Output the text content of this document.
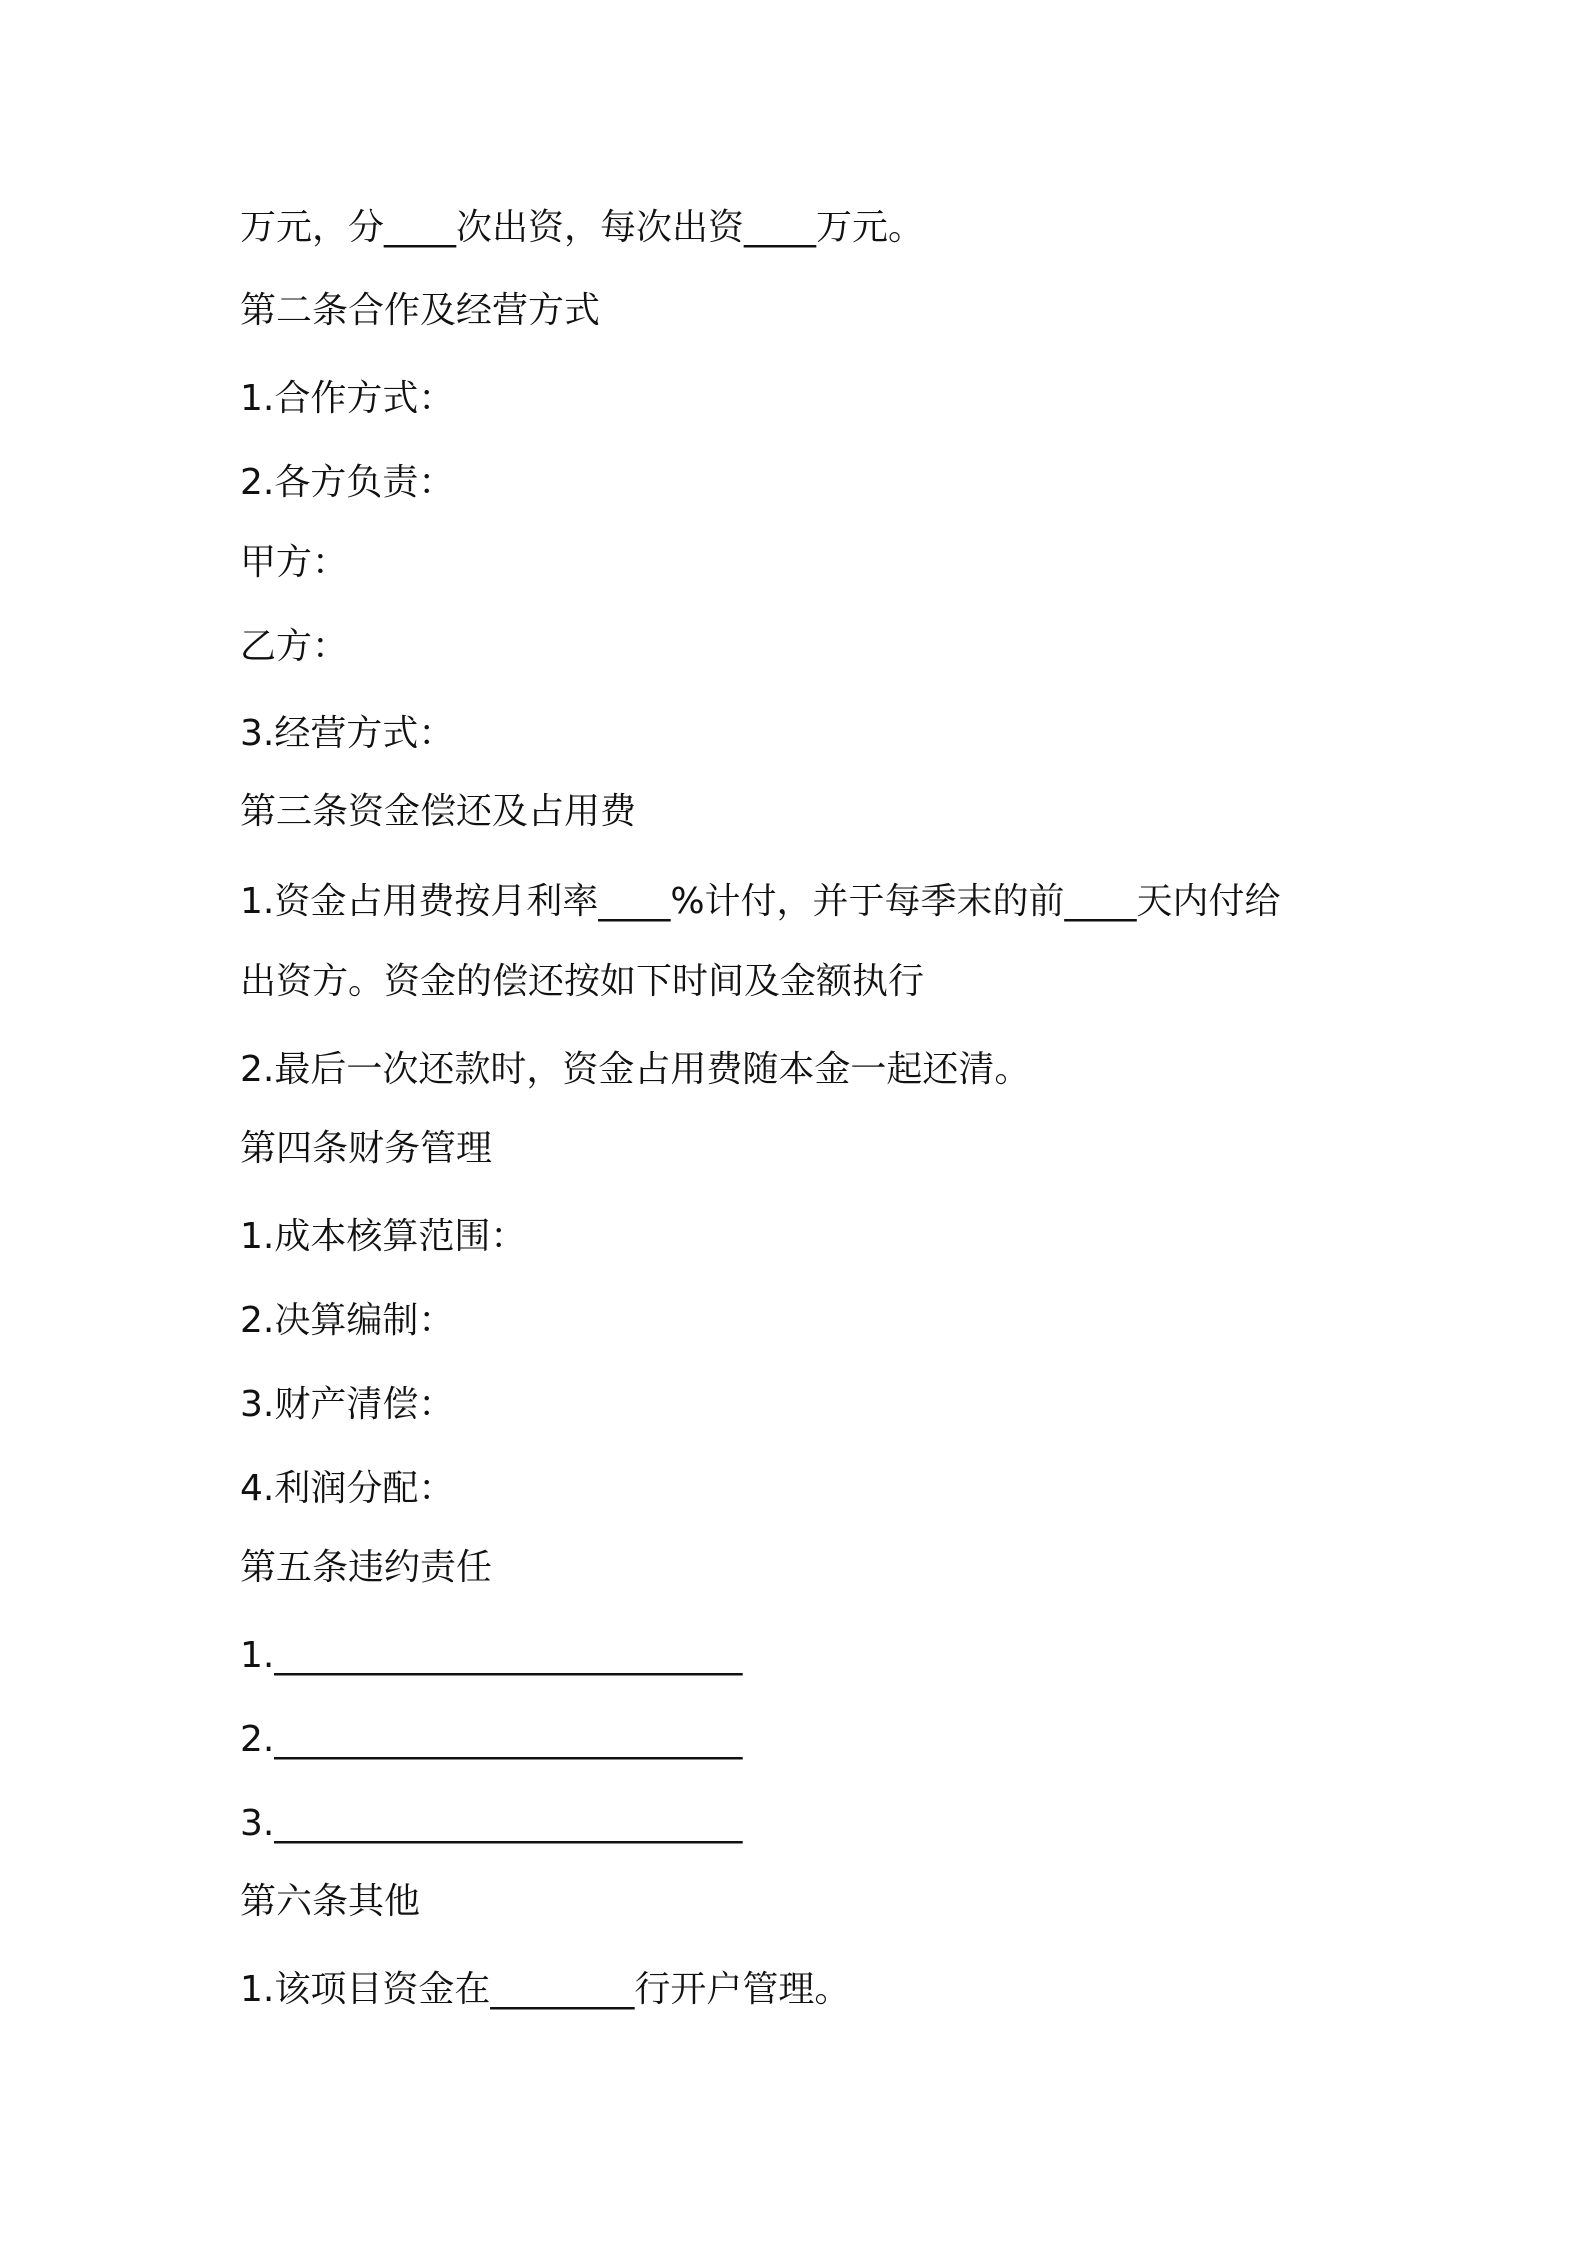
万元，分____次出资，每次出资____万元。

第二条合作及经营方式

1.合作方式：

2.各方负责：

甲方：

乙方：

3.经营方式：

第三条资金偿还及占用费

1.资金占用费按月利率____%计付，并于每季末的前____天内付给

出资方。资金的偿还按如下时间及金额执行

2.最后一次还款时，资金占用费随本金一起还清。

第四条财务管理

1.成本核算范围：

2.决算编制：

3.财产清偿：

4.利润分配：

第五条违约责任

1.__________________________

2.__________________________

3.__________________________

第六条其他

1.该项目资金在________行开户管理。
